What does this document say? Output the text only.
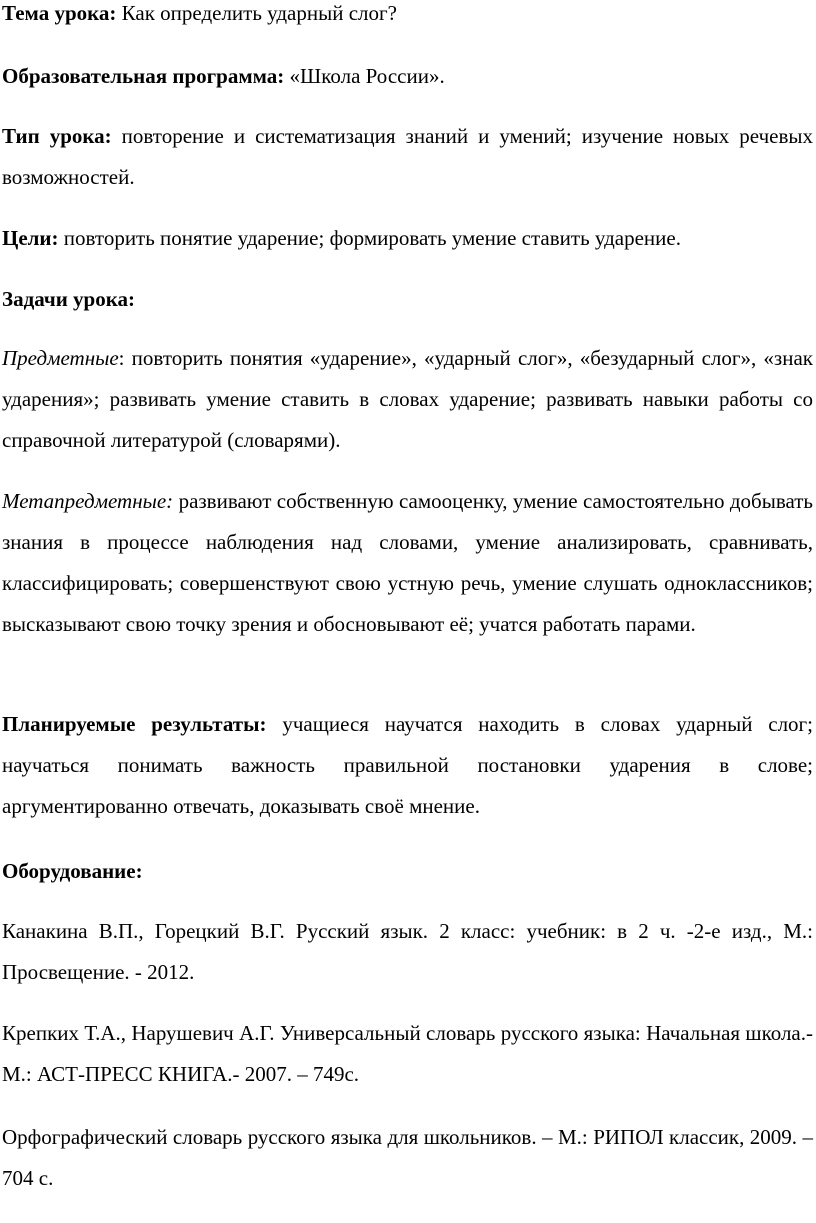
Тема урока: Как определить ударный слог?

Образовательная программа: «Школа России».

Тип урока: повторение и систематизация знаний и умений; изучение новых речевых возможностей.

Цели: повторить понятие ударение; формировать умение ставить ударение.

Задачи урока:

Предметные: повторить понятия «ударение», «ударный слог», «безударный слог», «знак ударения»; развивать умение ставить в словах ударение; развивать навыки работы со справочной литературой (словарями).

Метапредметные: развивают собственную самооценку, умение самостоятельно добывать знания в процессе наблюдения над словами, умение анализировать, сравнивать, классифицировать; совершенствуют свою устную речь, умение слушать одноклассников; высказывают свою точку зрения и обосновывают её; учатся работать парами.

Планируемые результаты: учащиеся научатся находить в словах ударный слог; научаться понимать важность правильной постановки ударения в слове; аргументированно отвечать, доказывать своё мнение.

Оборудование:

Канакина В.П., Горецкий В.Г. Русский язык. 2 класс: учебник: в 2 ч. -2-е изд., М.: Просвещение. - 2012.

Крепких Т.А., Нарушевич А.Г. Универсальный словарь русского языка: Начальная школа.- М.: АСТ-ПРЕСС КНИГА.- 2007. – 749с.

Орфографический словарь русского языка для школьников. – М.: РИПОЛ классик, 2009. – 704 с.
